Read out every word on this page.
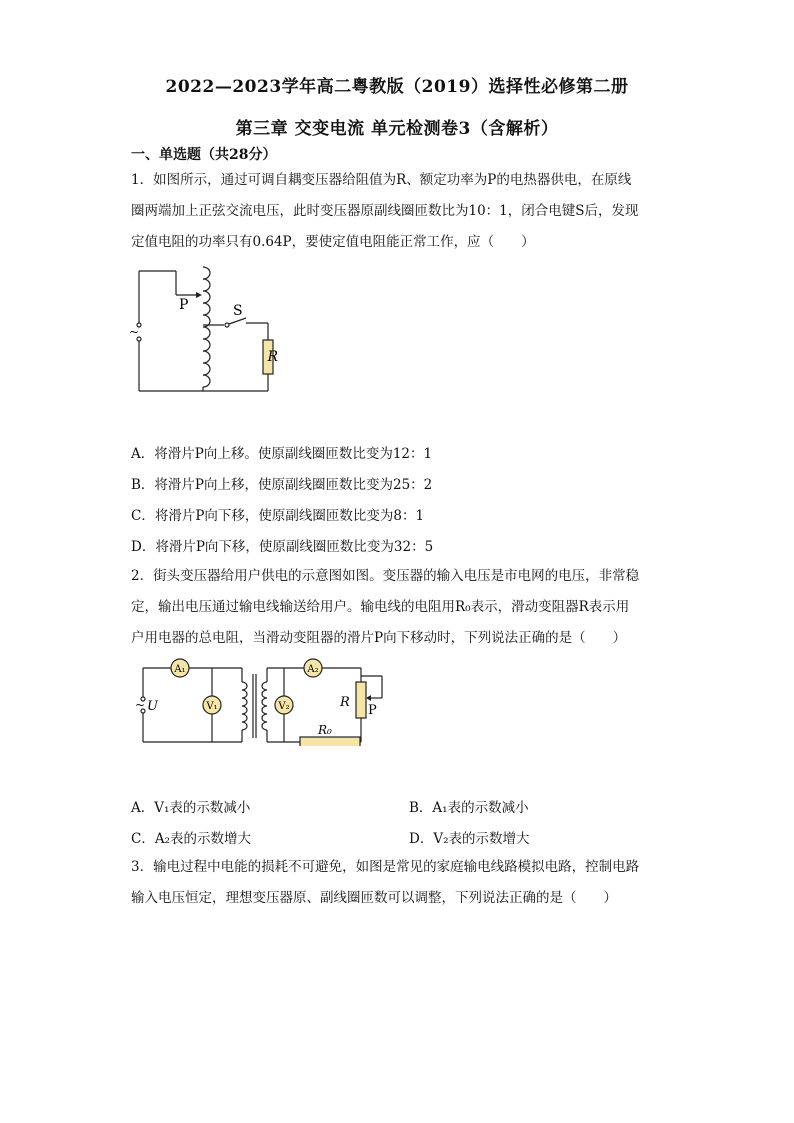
2022—2023学年高二粤教版（2019）选择性必修第二册
第三章 交变电流 单元检测卷3（含解析）
一、单选题（共28分）
1．如图所示，通过可调自耦变压器给阻值为R、额定功率为P的电热器供电，在原线
圈两端加上正弦交流电压，此时变压器原副线圈匝数比为10：1，闭合电键S后，发现
定值电阻的功率只有0.64P，要使定值电阻能正常工作，应（　　）
~
P	S
R
A．将滑片P向上移。使原副线圈匝数比变为12：1
B．将滑片P向上移，使原副线圈匝数比变为25：2
C．将滑片P向下移，使原副线圈匝数比变为8：1
D．将滑片P向下移，使原副线圈匝数比变为32：5
2．街头变压器给用户供电的示意图如图。变压器的输入电压是市电网的电压，非常稳
定，输出电压通过输电线输送给用户。输电线的电阻用R₀表示，滑动变阻器R表示用
户用电器的总电阻，当滑动变阻器的滑片P向下移动时，下列说法正确的是（　　）
A₁
V₁
A₂
V₂
~ U	R
P
R₀
A．V₁表的示数减小	B．A₁表的示数减小
C．A₂表的示数增大	D．V₂表的示数增大
3．输电过程中电能的损耗不可避免，如图是常见的家庭输电线路模拟电路，控制电路
输入电压恒定，理想变压器原、副线圈匝数可以调整，下列说法正确的是（　　）
